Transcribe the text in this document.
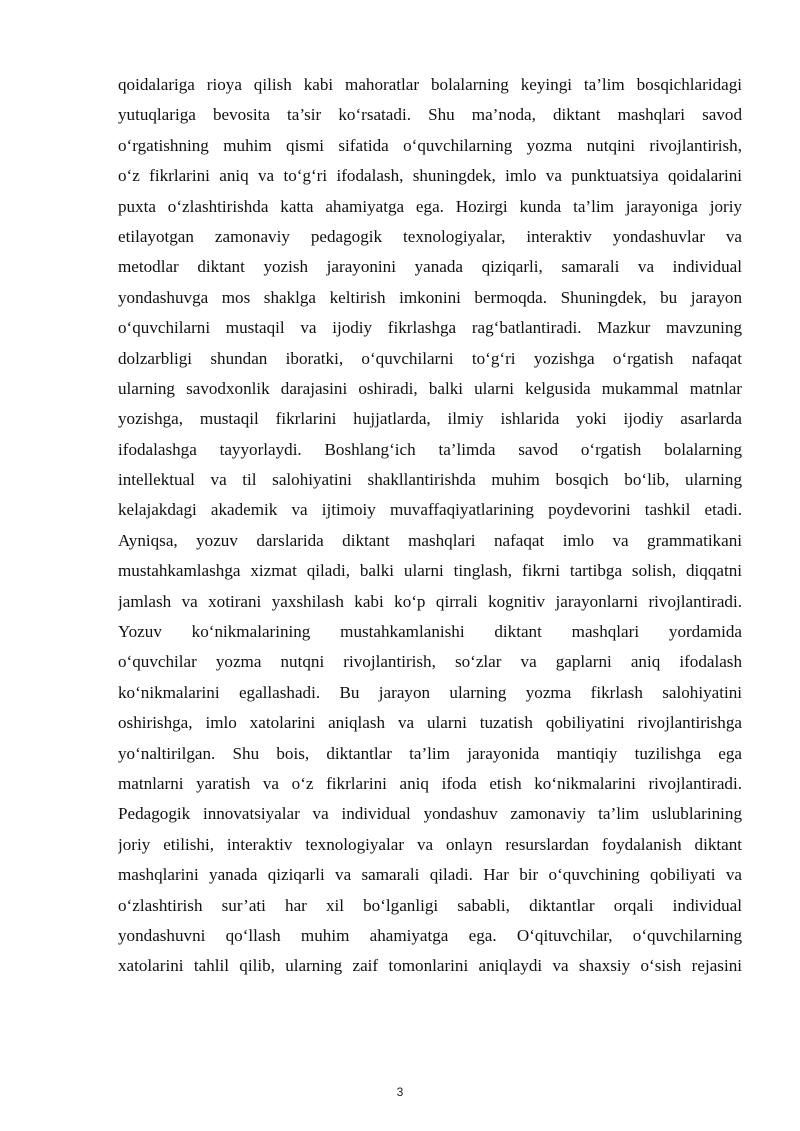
qoidalariga rioya qilish kabi mahoratlar bolalarning keyingi ta’lim bosqichlaridagi
yutuqlariga bevosita ta’sir ko‘rsatadi. Shu ma’noda, diktant mashqlari savod
o‘rgatishning muhim qismi sifatida o‘quvchilarning yozma nutqini rivojlantirish,
o‘z fikrlarini aniq va to‘g‘ri ifodalash, shuningdek, imlo va punktuatsiya qoidalarini
puxta o‘zlashtirishda katta ahamiyatga ega. Hozirgi kunda ta’lim jarayoniga joriy
etilayotgan zamonaviy pedagogik texnologiyalar, interaktiv yondashuvlar va
metodlar diktant yozish jarayonini yanada qiziqarli, samarali va individual
yondashuvga mos shaklga keltirish imkonini bermoqda. Shuningdek, bu jarayon
o‘quvchilarni mustaqil va ijodiy fikrlashga rag‘batlantiradi. Mazkur mavzuning
dolzarbligi shundan iboratki, o‘quvchilarni to‘g‘ri yozishga o‘rgatish nafaqat
ularning savodxonlik darajasini oshiradi, balki ularni kelgusida mukammal matnlar
yozishga, mustaqil fikrlarini hujjatlarda, ilmiy ishlarida yoki ijodiy asarlarda
ifodalashga tayyorlaydi. Boshlang‘ich ta’limda savod o‘rgatish bolalarning
intellektual va til salohiyatini shakllantirishda muhim bosqich bo‘lib, ularning
kelajakdagi akademik va ijtimoiy muvaffaqiyatlarining poydevorini tashkil etadi.
Ayniqsa, yozuv darslarida diktant mashqlari nafaqat imlo va grammatikani
mustahkamlashga xizmat qiladi, balki ularni tinglash, fikrni tartibga solish, diqqatni
jamlash va xotirani yaxshilash kabi ko‘p qirrali kognitiv jarayonlarni rivojlantiradi.
Yozuv ko‘nikmalarining mustahkamlanishi diktant mashqlari yordamida
o‘quvchilar yozma nutqni rivojlantirish, so‘zlar va gaplarni aniq ifodalash
ko‘nikmalarini egallashadi. Bu jarayon ularning yozma fikrlash salohiyatini
oshirishga, imlo xatolarini aniqlash va ularni tuzatish qobiliyatini rivojlantirishga
yo‘naltirilgan. Shu bois, diktantlar ta’lim jarayonida mantiqiy tuzilishga ega
matnlarni yaratish va o‘z fikrlarini aniq ifoda etish ko‘nikmalarini rivojlantiradi.
Pedagogik innovatsiyalar va individual yondashuv zamonaviy ta’lim uslublarining
joriy etilishi, interaktiv texnologiyalar va onlayn resurslardan foydalanish diktant
mashqlarini yanada qiziqarli va samarali qiladi. Har bir o‘quvchining qobiliyati va
o‘zlashtirish sur’ati har xil bo‘lganligi sababli, diktantlar orqali individual
yondashuvni qo‘llash muhim ahamiyatga ega. O‘qituvchilar, o‘quvchilarning
xatolarini tahlil qilib, ularning zaif tomonlarini aniqlaydi va shaxsiy o‘sish rejasini
3
